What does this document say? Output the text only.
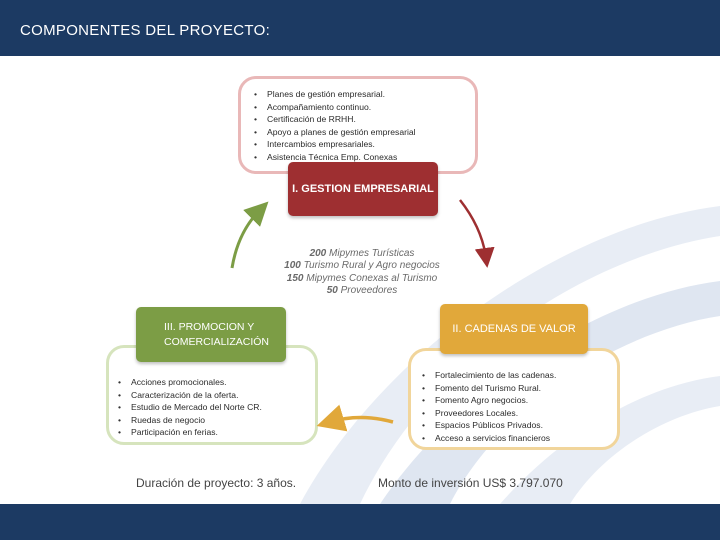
COMPONENTES DEL PROYECTO:
• Planes de gestión empresarial.
• Acompañamiento continuo.
• Certificación de RRHH.
• Apoyo a planes de gestión empresarial
• Intercambios empresariales.
• Asistencia Técnica Emp. Conexas
• Fortalecimiento de las cadenas.
• Fomento del Turismo Rural.
• Fomento Agro negocios.
• Proveedores Locales.
• Espacios Públicos Privados.
• Acceso a servicios financieros
• Acciones promocionales.
• Caracterización de la oferta.
• Estudio de Mercado del Norte CR.
• Ruedas de negocio
• Participación en ferias.
I. GESTION EMPRESARIAL
II. CADENAS DE VALOR
III. PROMOCION Y
COMERCIALIZACIÓN
200 Mipymes Turísticas
100 Turismo Rural y Agro negocios
150 Mipymes Conexas al Turismo
50 Proveedores
Duración de proyecto: 3 años.	Monto de inversión US$ 3.797.070
